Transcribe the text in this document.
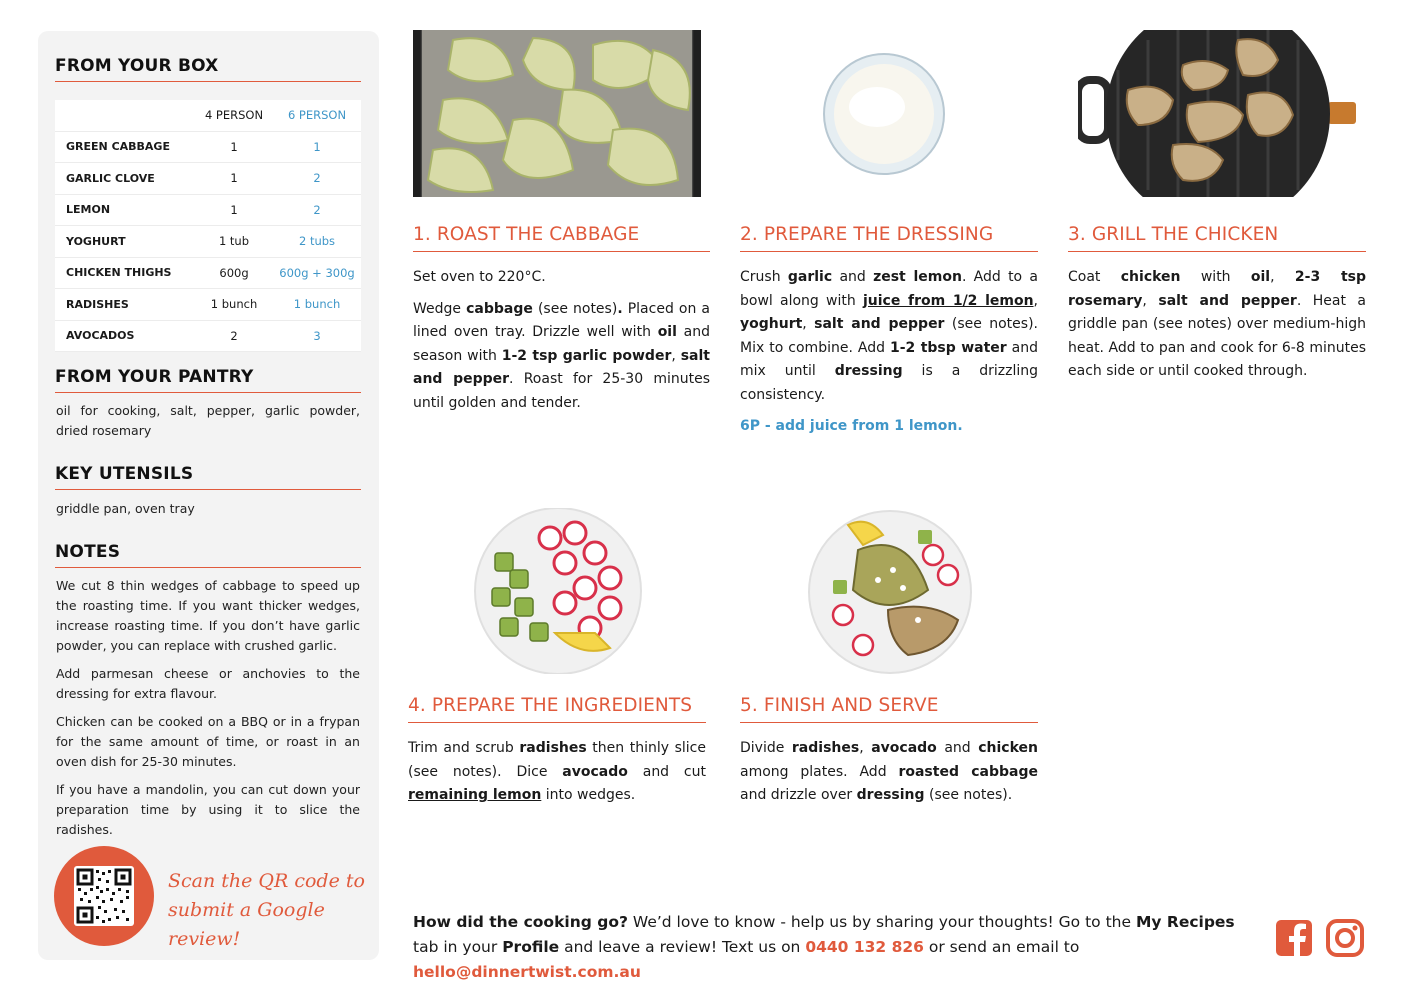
FROM YOUR BOX
	4 PERSON	6 PERSON
GREEN CABBAGE	1	1
GARLIC CLOVE	1	2
LEMON	1	2
YOGHURT	1 tub	2 tubs
CHICKEN THIGHS	600g	600g + 300g
RADISHES	1 bunch	1 bunch
AVOCADOS	2	3
FROM YOUR PANTRY
oil for cooking, salt, pepper, garlic powder, dried rosemary
KEY UTENSILS
griddle pan, oven tray
NOTES

We cut 8 thin wedges of cabbage to speed up the roasting time. If you want thicker wedges, increase roasting time. If you don’t have garlic powder, you can replace with crushed garlic.

Add parmesan cheese or anchovies to the dressing for extra flavour.

Chicken can be cooked on a BBQ or in a frypan for the same amount of time, or roast in an oven dish for 25-30 minutes.

If you have a mandolin, you can cut down your preparation time by using it to slice the radishes.

Scan the QR code to
submit a Google review!
1. ROAST THE CABBAGE

Set oven to 220°C.

Wedge cabbage (see notes). Placed on a lined oven tray. Drizzle well with oil and season with 1-2 tsp garlic powder, salt and pepper. Roast for 25-30 minutes until golden and tender.

2. PREPARE THE DRESSING

Crush garlic and zest lemon. Add to a bowl along with juice from 1/2 lemon, yoghurt, salt and pepper (see notes). Mix to combine. Add 1-2 tbsp water and mix until dressing is a drizzling consistency.

6P - add juice from 1 lemon.

3. GRILL THE CHICKEN

Coat chicken with oil, 2-3 tsp rosemary, salt and pepper. Heat a griddle pan (see notes) over medium-high heat. Add to pan and cook for 6-8 minutes each side or until cooked through.

4. PREPARE THE INGREDIENTS

Trim and scrub radishes then thinly slice (see notes). Dice avocado and cut remaining lemon into wedges.

5. FINISH AND SERVE

Divide radishes, avocado and chicken among plates. Add roasted cabbage and drizzle over dressing (see notes).

How did the cooking go? We’d love to know - help us by sharing your thoughts! Go to the My Recipes tab in your Profile and leave a review! Text us on 0440 132 826 or send an email to hello@dinnertwist.com.au
